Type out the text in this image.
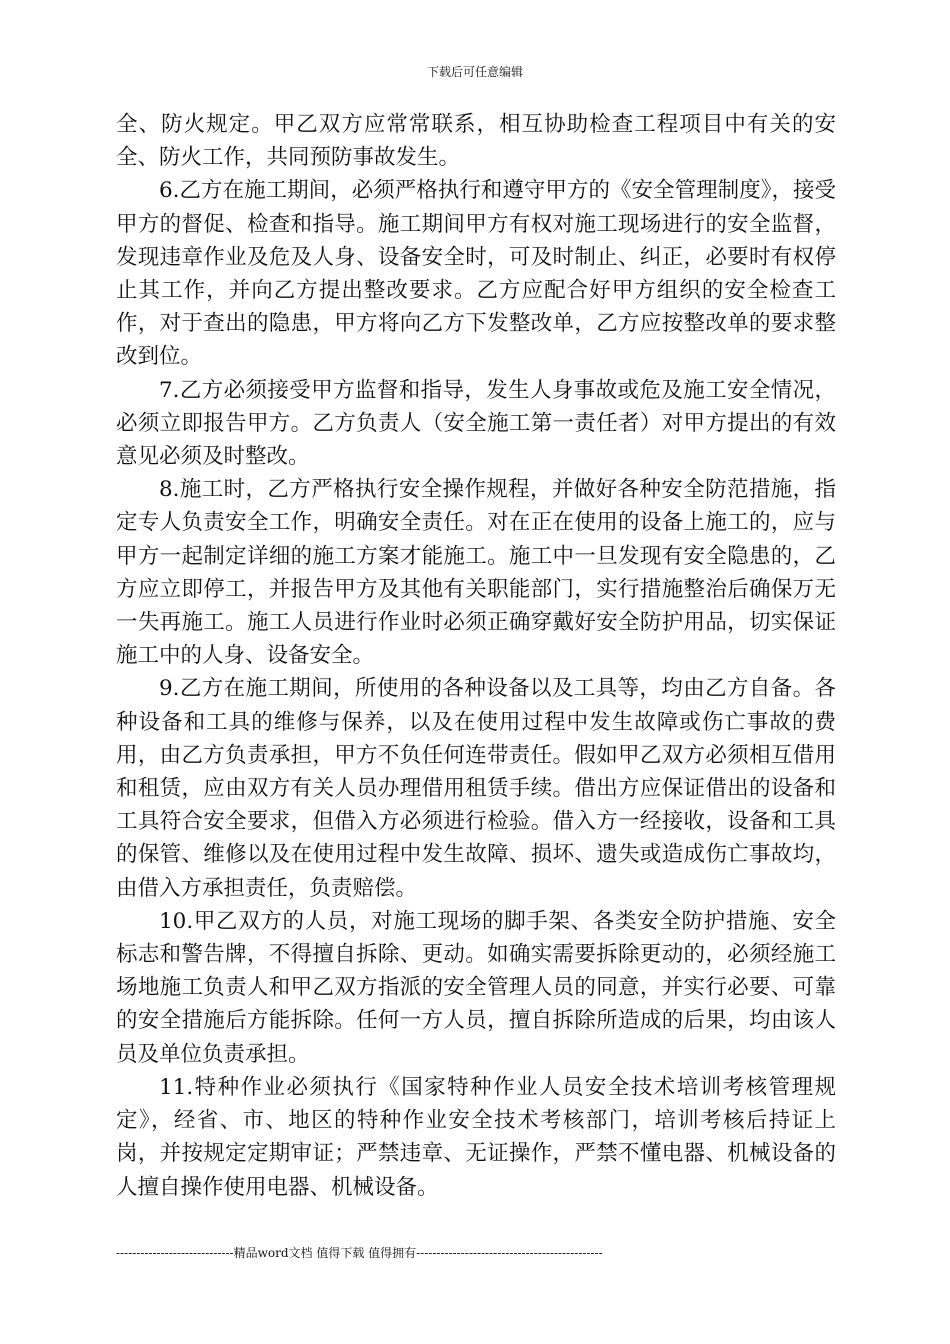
下载后可任意编辑

全、防火规定。甲乙双方应常常联系，相互协助检查工程项目中有关的安全、防火工作，共同预防事故发生。

6.乙方在施工期间，必须严格执行和遵守甲方的《安全管理制度》，接受甲方的督促、检查和指导。施工期间甲方有权对施工现场进行的安全监督，发现违章作业及危及人身、设备安全时，可及时制止、纠正，必要时有权停止其工作，并向乙方提出整改要求。乙方应配合好甲方组织的安全检查工作，对于查出的隐患，甲方将向乙方下发整改单，乙方应按整改单的要求整改到位。

7.乙方必须接受甲方监督和指导，发生人身事故或危及施工安全情况，必须立即报告甲方。乙方负责人（安全施工第一责任者）对甲方提出的有效意见必须及时整改。

8.施工时，乙方严格执行安全操作规程，并做好各种安全防范措施，指定专人负责安全工作，明确安全责任。对在正在使用的设备上施工的，应与甲方一起制定详细的施工方案才能施工。施工中一旦发现有安全隐患的，乙方应立即停工，并报告甲方及其他有关职能部门，实行措施整治后确保万无一失再施工。施工人员进行作业时必须正确穿戴好安全防护用品，切实保证施工中的人身、设备安全。

9.乙方在施工期间，所使用的各种设备以及工具等，均由乙方自备。各种设备和工具的维修与保养，以及在使用过程中发生故障或伤亡事故的费用，由乙方负责承担，甲方不负任何连带责任。假如甲乙双方必须相互借用和租赁，应由双方有关人员办理借用租赁手续。借出方应保证借出的设备和工具符合安全要求，但借入方必须进行检验。借入方一经接收，设备和工具的保管、维修以及在使用过程中发生故障、损坏、遗失或造成伤亡事故均，由借入方承担责任，负责赔偿。

10.甲乙双方的人员，对施工现场的脚手架、各类安全防护措施、安全标志和警告牌，不得擅自拆除、更动。如确实需要拆除更动的，必须经施工场地施工负责人和甲乙双方指派的安全管理人员的同意，并实行必要、可靠的安全措施后方能拆除。任何一方人员，擅自拆除所造成的后果，均由该人员及单位负责承担。

11.特种作业必须执行《国家特种作业人员安全技术培训考核管理规定》，经省、市、地区的特种作业安全技术考核部门，培训考核后持证上岗，并按规定定期审证；严禁违章、无证操作，严禁不懂电器、机械设备的人擅自操作使用电器、机械设备。

-----------------------------精品word文档 值得下载 值得拥有----------------------------------------------
